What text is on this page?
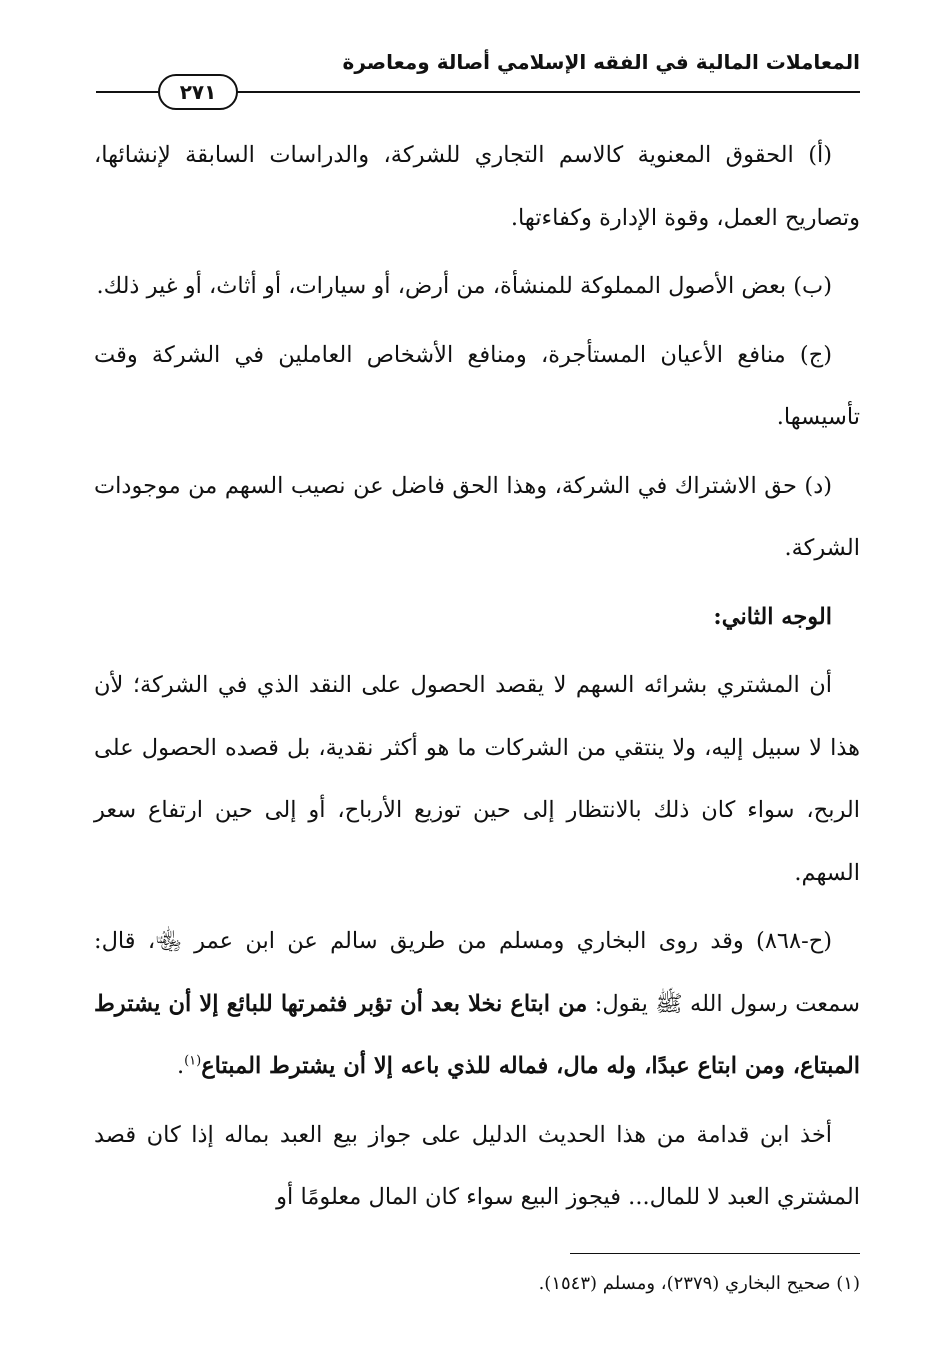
المعاملات المالية في الفقه الإسلامي أصالة ومعاصرة
٢٧١

(أ) الحقوق المعنوية كالاسم التجاري للشركة، والدراسات السابقة لإنشائها، وتصاريح العمل، وقوة الإدارة وكفاءتها.

(ب) بعض الأصول المملوكة للمنشأة، من أرض، أو سيارات، أو أثاث، أو غير ذلك.

(ج) منافع الأعيان المستأجرة، ومنافع الأشخاص العاملين في الشركة وقت تأسيسها.

(د) حق الاشتراك في الشركة، وهذا الحق فاضل عن نصيب السهم من موجودات الشركة.

الوجه الثاني:

أن المشتري بشرائه السهم لا يقصد الحصول على النقد الذي في الشركة؛ لأن هذا لا سبيل إليه، ولا ينتقي من الشركات ما هو أكثر نقدية، بل قصده الحصول على الربح، سواء كان ذلك بالانتظار إلى حين توزيع الأرباح، أو إلى حين ارتفاع سعر السهم.

(ح-٨٦٨) وقد روى البخاري ومسلم من طريق سالم عن ابن عمر ﵄، قال: سمعت رسول الله ﷺ يقول: من ابتاع نخلا بعد أن تؤبر فثمرتها للبائع إلا أن يشترط المبتاع، ومن ابتاع عبدًا، وله مال، فماله للذي باعه إلا أن يشترط المبتاع$^{(١)}$.

أخذ ابن قدامة من هذا الحديث الدليل على جواز بيع العبد بماله إذا كان قصد المشتري العبد لا للمال... فيجوز البيع سواء كان المال معلومًا أو

(١) صحيح البخاري (٢٣٧٩)، ومسلم (١٥٤٣).
